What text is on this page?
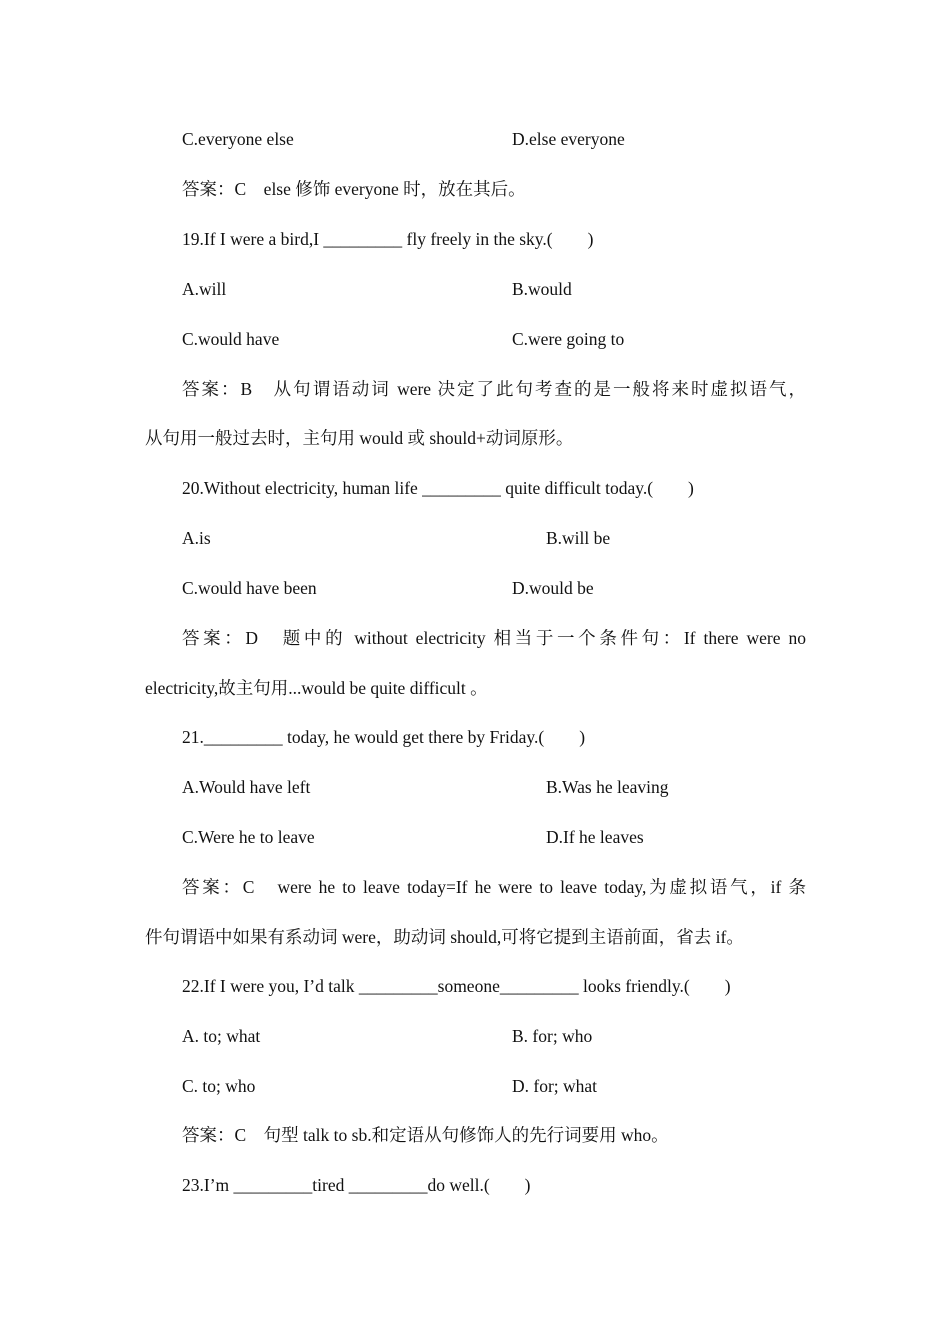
C.everyone else	D.else everyone
答案：C　else 修饰 everyone 时，放在其后。
19.If I were a bird,I _________ fly freely in the sky.(　　)
A.will	B.would
C.would have	C.were going to
答案：B　从句谓语动词 were 决定了此句考查的是一般将来时虚拟语气，
从句用一般过去时，主句用 would 或 should+动词原形。
20.Without electricity, human life _________ quite difficult today.(　　)
A.is	B.will be
C.would have been	D.would be
答案：D　题中的 without electricity 相当于一个条件句：If there were no
electricity,故主句用...would be quite difficult 。
21._________ today, he would get there by Friday.(　　)
A.Would have left	B.Was he leaving
C.Were he to leave	D.If he leaves
答案：C　were he to leave today=If he were to leave today,为虚拟语气，if 条
件句谓语中如果有系动词 were，助动词 should,可将它提到主语前面，省去 if。
22.If I were you, I’d talk _________someone_________ looks friendly.(　　)
A. to; what	B. for; who
C. to; who	D. for; what
答案：C　句型 talk to sb.和定语从句修饰人的先行词要用 who。
23.I’m _________tired _________do well.(　　)
